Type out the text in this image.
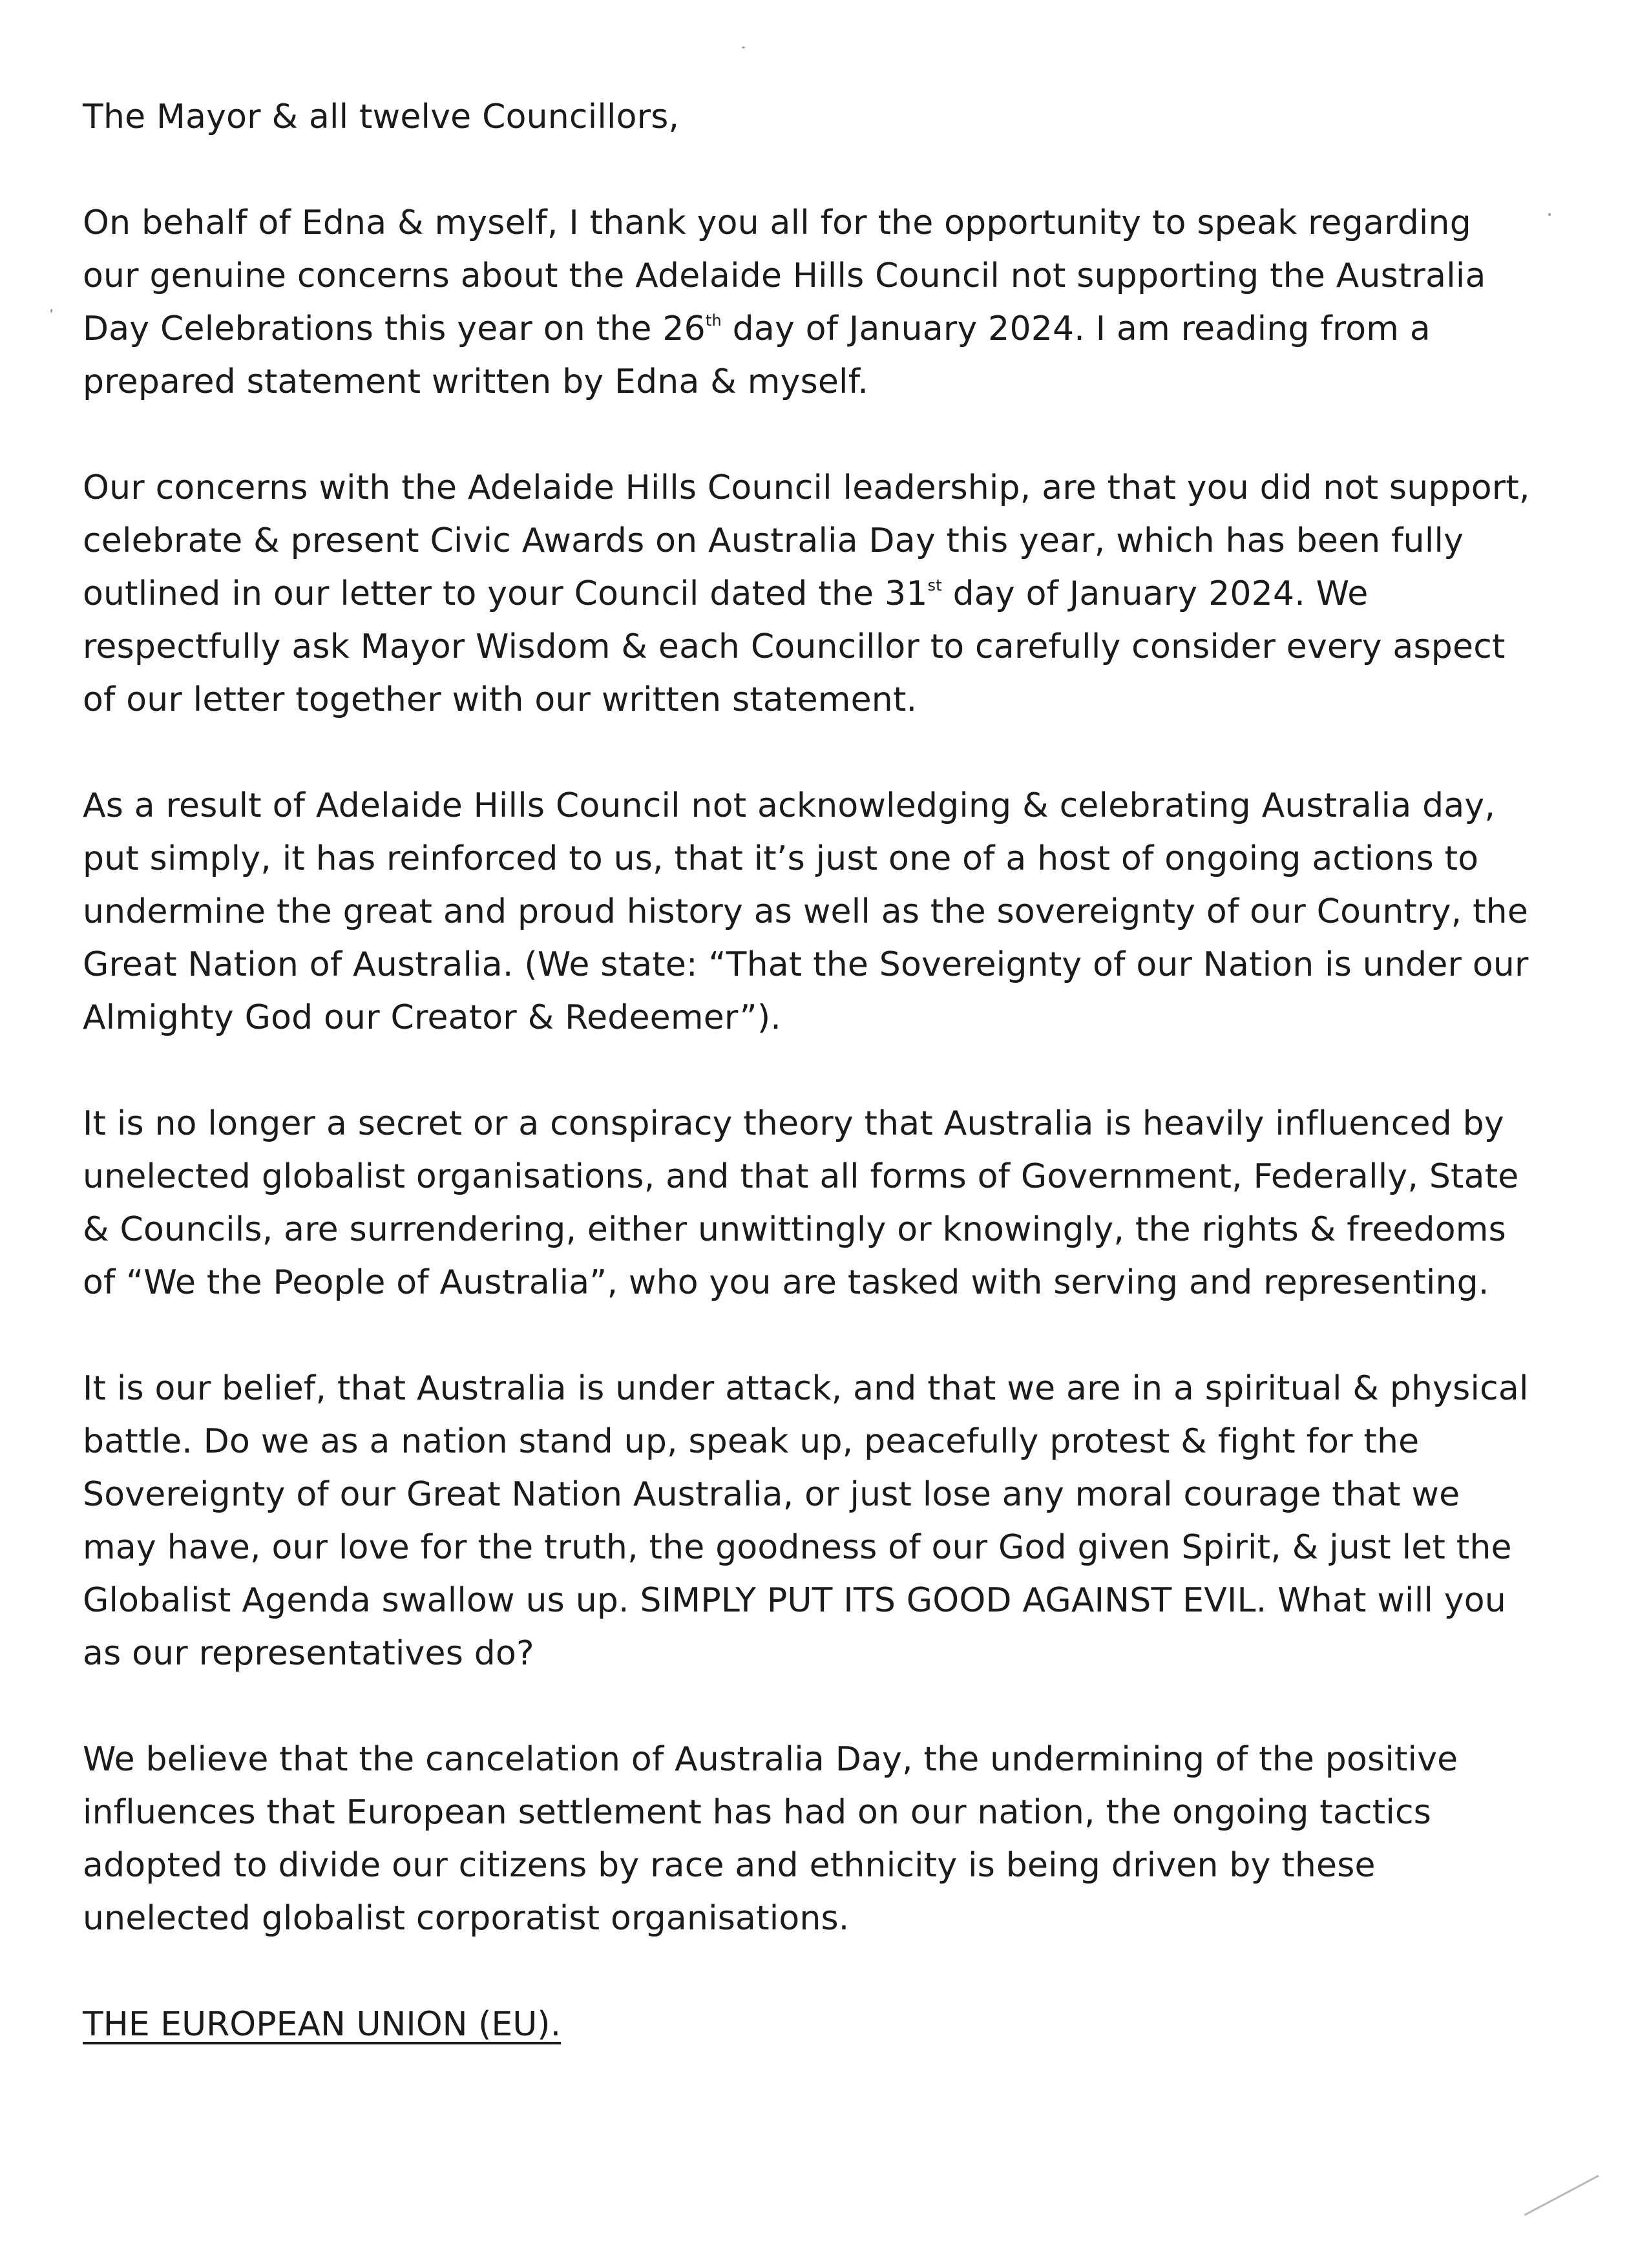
The Mayor & all twelve Councillors,

On behalf of Edna & myself, I thank you all for the opportunity to speak regarding our genuine concerns about the Adelaide Hills Council not supporting the Australia Day Celebrations this year on the 26th day of January 2024. I am reading from a prepared statement written by Edna & myself.

Our concerns with the Adelaide Hills Council leadership, are that you did not support, celebrate & present Civic Awards on Australia Day this year, which has been fully outlined in our letter to your Council dated the 31st day of January 2024. We respectfully ask Mayor Wisdom & each Councillor to carefully consider every aspect of our letter together with our written statement.

As a result of Adelaide Hills Council not acknowledging & celebrating Australia day, put simply, it has reinforced to us, that it’s just one of a host of ongoing actions to undermine the great and proud history as well as the sovereignty of our Country, the Great Nation of Australia. (We state: “That the Sovereignty of our Nation is under our Almighty God our Creator & Redeemer”).

It is no longer a secret or a conspiracy theory that Australia is heavily influenced by unelected globalist organisations, and that all forms of Government, Federally, State & Councils, are surrendering, either unwittingly or knowingly, the rights & freedoms of “We the People of Australia”, who you are tasked with serving and representing.

It is our belief, that Australia is under attack, and that we are in a spiritual & physical battle. Do we as a nation stand up, speak up, peacefully protest & fight for the Sovereignty of our Great Nation Australia, or just lose any moral courage that we may have, our love for the truth, the goodness of our God given Spirit, & just let the Globalist Agenda swallow us up. SIMPLY PUT ITS GOOD AGAINST EVIL. What will you as our representatives do?

We believe that the cancelation of Australia Day, the undermining of the positive influences that European settlement has had on our nation, the ongoing tactics adopted to divide our citizens by race and ethnicity is being driven by these unelected globalist corporatist organisations.

THE EUROPEAN UNION (EU).
